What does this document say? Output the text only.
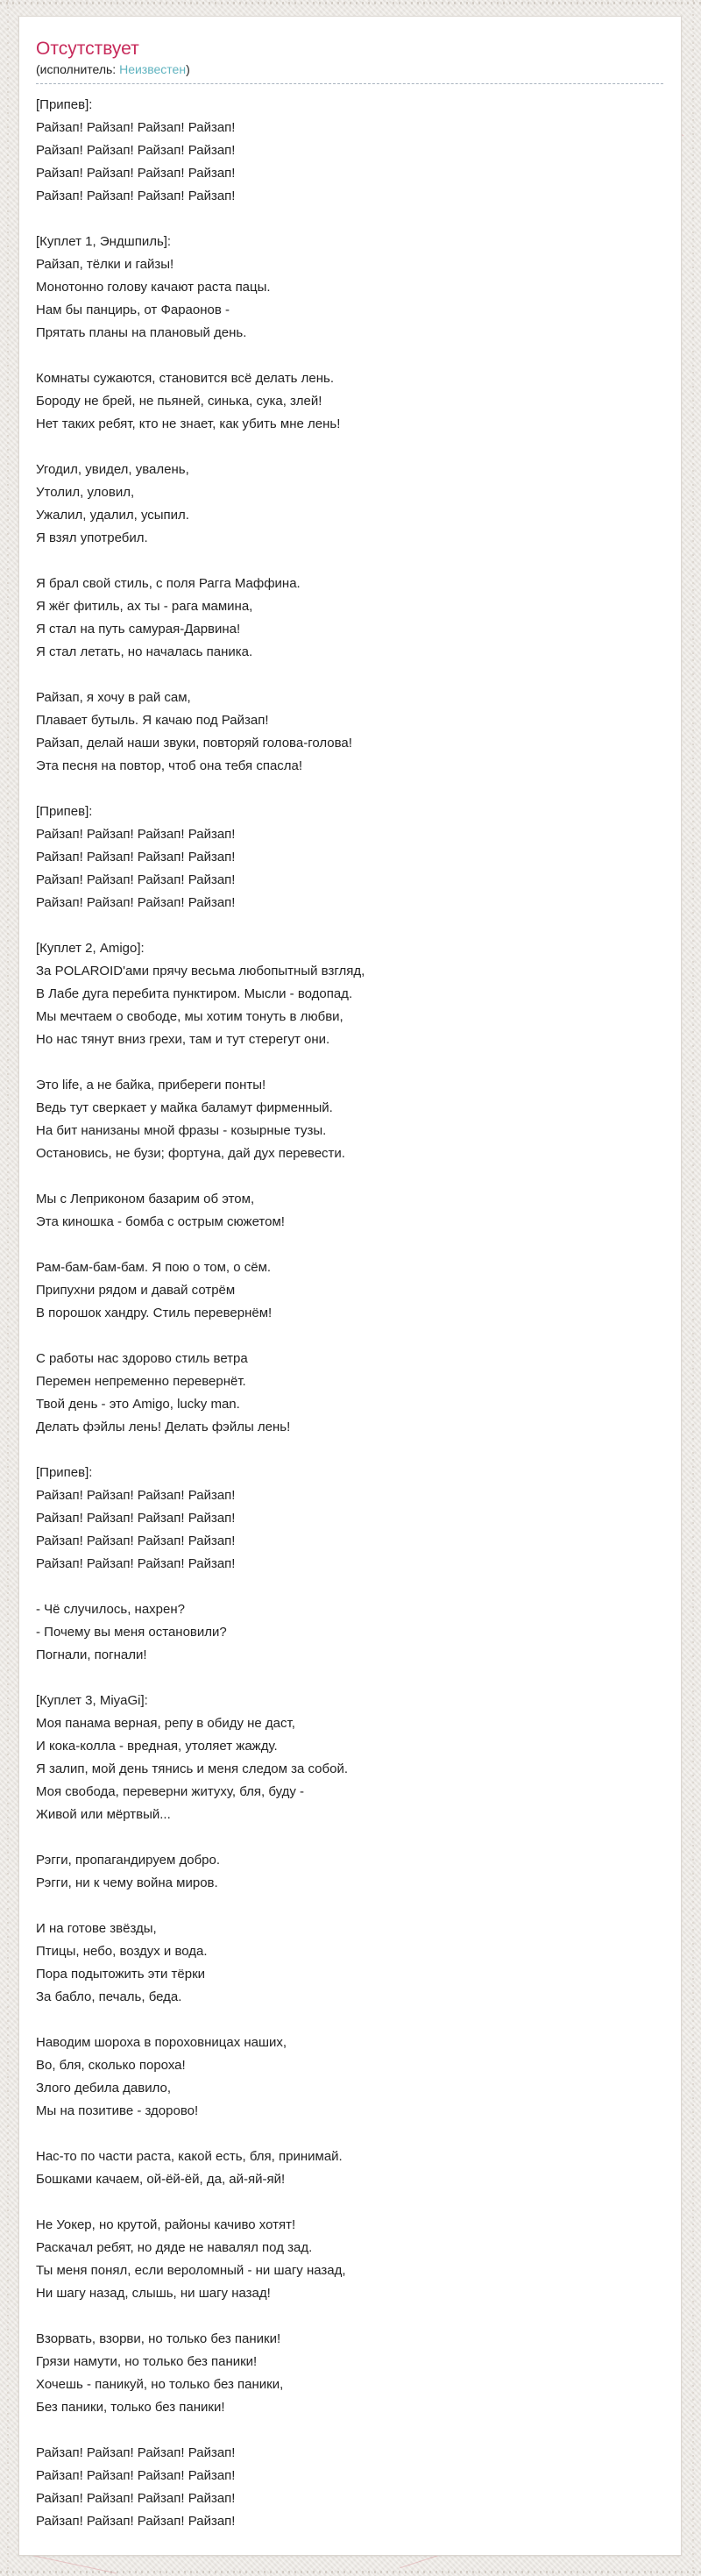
Отсутствует
(исполнитель: Неизвестен)
[Припев]:
Райзап! Райзап! Райзап! Райзап!
Райзап! Райзап! Райзап! Райзап!
Райзап! Райзап! Райзап! Райзап!
Райзап! Райзап! Райзап! Райзап!
[Куплет 1, Эндшпиль]:
Райзап, тёлки и гайзы!
Монотонно голову качают раста пацы.
Нам бы панцирь, от Фараонов -
Прятать планы на плановый день.
Комнаты сужаются, становится всё делать лень.
Бороду не брей, не пьяней, синька, сука, злей!
Нет таких ребят, кто не знает, как убить мне лень!
Угодил, увидел, увалень,
Утолил, уловил,
Ужалил, удалил, усыпил.
Я взял употребил.
Я брал свой стиль, с поля Рагга Маффина.
Я жёг фитиль, ах ты - рага мамина,
Я стал на путь самурая-Дарвина!
Я стал летать, но началась паника.
Райзап, я хочу в рай сам,
Плавает бутыль. Я качаю под Райзап!
Райзап, делай наши звуки, повторяй голова-голова!
Эта песня на повтор, чтоб она тебя спасла!
[Припев]:
Райзап! Райзап! Райзап! Райзап!
Райзап! Райзап! Райзап! Райзап!
Райзап! Райзап! Райзап! Райзап!
Райзап! Райзап! Райзап! Райзап!
[Куплет 2, Amigo]:
За POLAROID'ами прячу весьма любопытный взгляд,
В Лабе дуга перебита пунктиром. Мысли - водопад.
Мы мечтаем о свободе, мы хотим тонуть в любви,
Но нас тянут вниз грехи, там и тут стерегут они.
Это life, а не байка, прибереги понты!
Ведь тут сверкает у майка баламут фирменный.
На бит нанизаны мной фразы - козырные тузы.
Остановись, не бузи; фортуна, дай дух перевести.
Мы с Леприконом базарим об этом,
Эта киношка - бомба с острым сюжетом!
Рам-бам-бам-бам. Я пою о том, о сём.
Припухни рядом и давай сотрём
В порошок хандру. Стиль перевернём!
С работы нас здорово стиль ветра
Перемен непременно перевернёт.
Твой день - это Amigo, lucky man.
Делать фэйлы лень! Делать фэйлы лень!
[Припев]:
Райзап! Райзап! Райзап! Райзап!
Райзап! Райзап! Райзап! Райзап!
Райзап! Райзап! Райзап! Райзап!
Райзап! Райзап! Райзап! Райзап!
- Чё случилось, нахрен?
- Почему вы меня остановили?
Погнали, погнали!
[Куплет 3, MiyaGi]:
Моя панама верная, репу в обиду не даст,
И кока-колла - вредная, утоляет жажду.
Я залип, мой день тянись и меня следом за собой.
Моя свобода, переверни житуху, бля, буду -
Живой или мёртвый...
Рэгги, пропагандируем добро.
Рэгги, ни к чему война миров.
И на готове звёзды,
Птицы, небо, воздух и вода.
Пора подытожить эти тёрки
За бабло, печаль, беда.
Наводим шороха в пороховницах наших,
Во, бля, сколько пороха!
Злого дебила давило,
Мы на позитиве - здорово!
Нас-то по части раста, какой есть, бля, принимай.
Бошками качаем, ой-ёй-ёй, да, ай-яй-яй!
Не Уокер, но крутой, районы качиво хотят!
Раскачал ребят, но дяде не навалял под зад.
Ты меня понял, если вероломный - ни шагу назад,
Ни шагу назад, слышь, ни шагу назад!
Взорвать, взорви, но только без паники!
Грязи намути, но только без паники!
Хочешь - паникуй, но только без паники,
Без паники, только без паники!
Райзап! Райзап! Райзап! Райзап!
Райзап! Райзап! Райзап! Райзап!
Райзап! Райзап! Райзап! Райзап!
Райзап! Райзап! Райзап! Райзап!
